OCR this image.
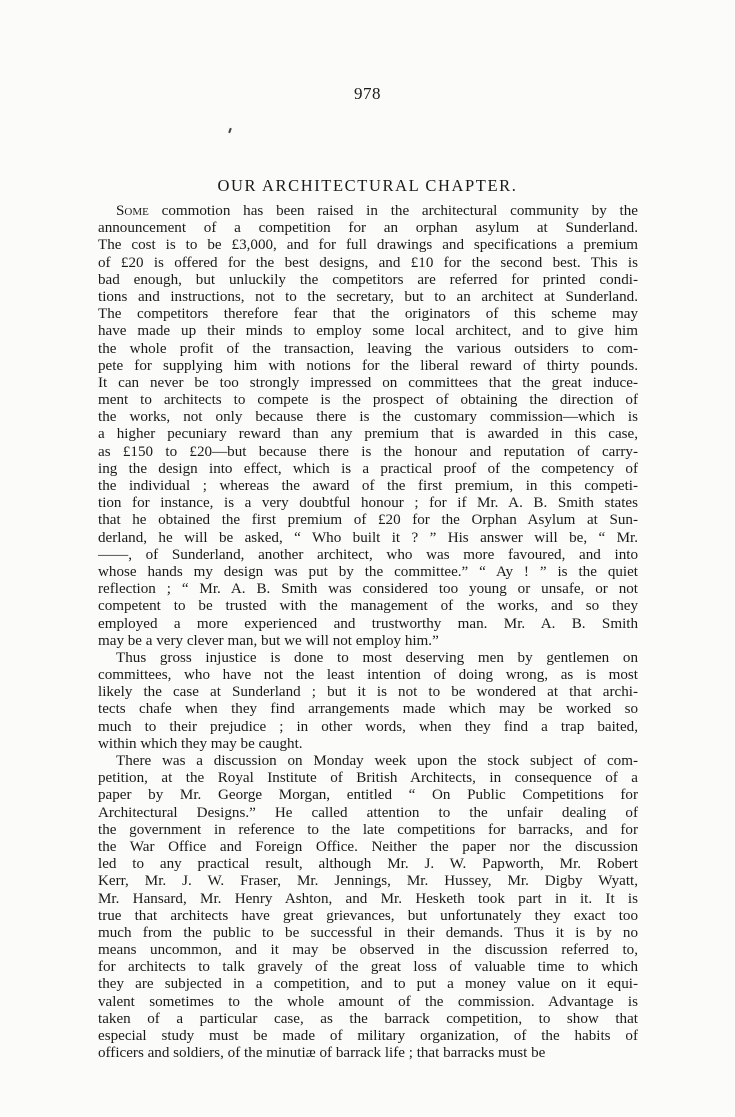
978
OUR ARCHITECTURAL CHAPTER.
Some commotion has been raised in the architectural community by the
announcement of a competition for an orphan asylum at Sunderland.
The cost is to be £3,000, and for full drawings and specifications a premium
of £20 is offered for the best designs, and £10 for the second best. This is
bad enough, but unluckily the competitors are referred for printed condi-
tions and instructions, not to the secretary, but to an architect at Sunderland.
The competitors therefore fear that the originators of this scheme may
have made up their minds to employ some local architect, and to give him
the whole profit of the transaction, leaving the various outsiders to com-
pete for supplying him with notions for the liberal reward of thirty pounds.
It can never be too strongly impressed on committees that the great induce-
ment to architects to compete is the prospect of obtaining the direction of
the works, not only because there is the customary commission—which is
a higher pecuniary reward than any premium that is awarded in this case,
as £150 to £20—but because there is the honour and reputation of carry-
ing the design into effect, which is a practical proof of the competency of
the individual ; whereas the award of the first premium, in this competi-
tion for instance, is a very doubtful honour ; for if Mr. A. B. Smith states
that he obtained the first premium of £20 for the Orphan Asylum at Sun-
derland, he will be asked, “ Who built it ? ” His answer will be, “ Mr.
——, of Sunderland, another architect, who was more favoured, and into
whose hands my design was put by the committee.” “ Ay ! ” is the quiet
reflection ; “ Mr. A. B. Smith was considered too young or unsafe, or not
competent to be trusted with the management of the works, and so they
employed a more experienced and trustworthy man. Mr. A. B. Smith
may be a very clever man, but we will not employ him.”
Thus gross injustice is done to most deserving men by gentlemen on
committees, who have not the least intention of doing wrong, as is most
likely the case at Sunderland ; but it is not to be wondered at that archi-
tects chafe when they find arrangements made which may be worked so
much to their prejudice ; in other words, when they find a trap baited,
within which they may be caught.
There was a discussion on Monday week upon the stock subject of com-
petition, at the Royal Institute of British Architects, in consequence of a
paper by Mr. George Morgan, entitled “ On Public Competitions for
Architectural Designs.” He called attention to the unfair dealing of
the government in reference to the late competitions for barracks, and for
the War Office and Foreign Office. Neither the paper nor the discussion
led to any practical result, although Mr. J. W. Papworth, Mr. Robert
Kerr, Mr. J. W. Fraser, Mr. Jennings, Mr. Hussey, Mr. Digby Wyatt,
Mr. Hansard, Mr. Henry Ashton, and Mr. Hesketh took part in it. It is
true that architects have great grievances, but unfortunately they exact too
much from the public to be successful in their demands. Thus it is by no
means uncommon, and it may be observed in the discussion referred to,
for architects to talk gravely of the great loss of valuable time to which
they are subjected in a competition, and to put a money value on it equi-
valent sometimes to the whole amount of the commission. Advantage is
taken of a particular case, as the barrack competition, to show that
especial study must be made of military organization, of the habits of
officers and soldiers, of the minutiæ of barrack life ; that barracks must be
